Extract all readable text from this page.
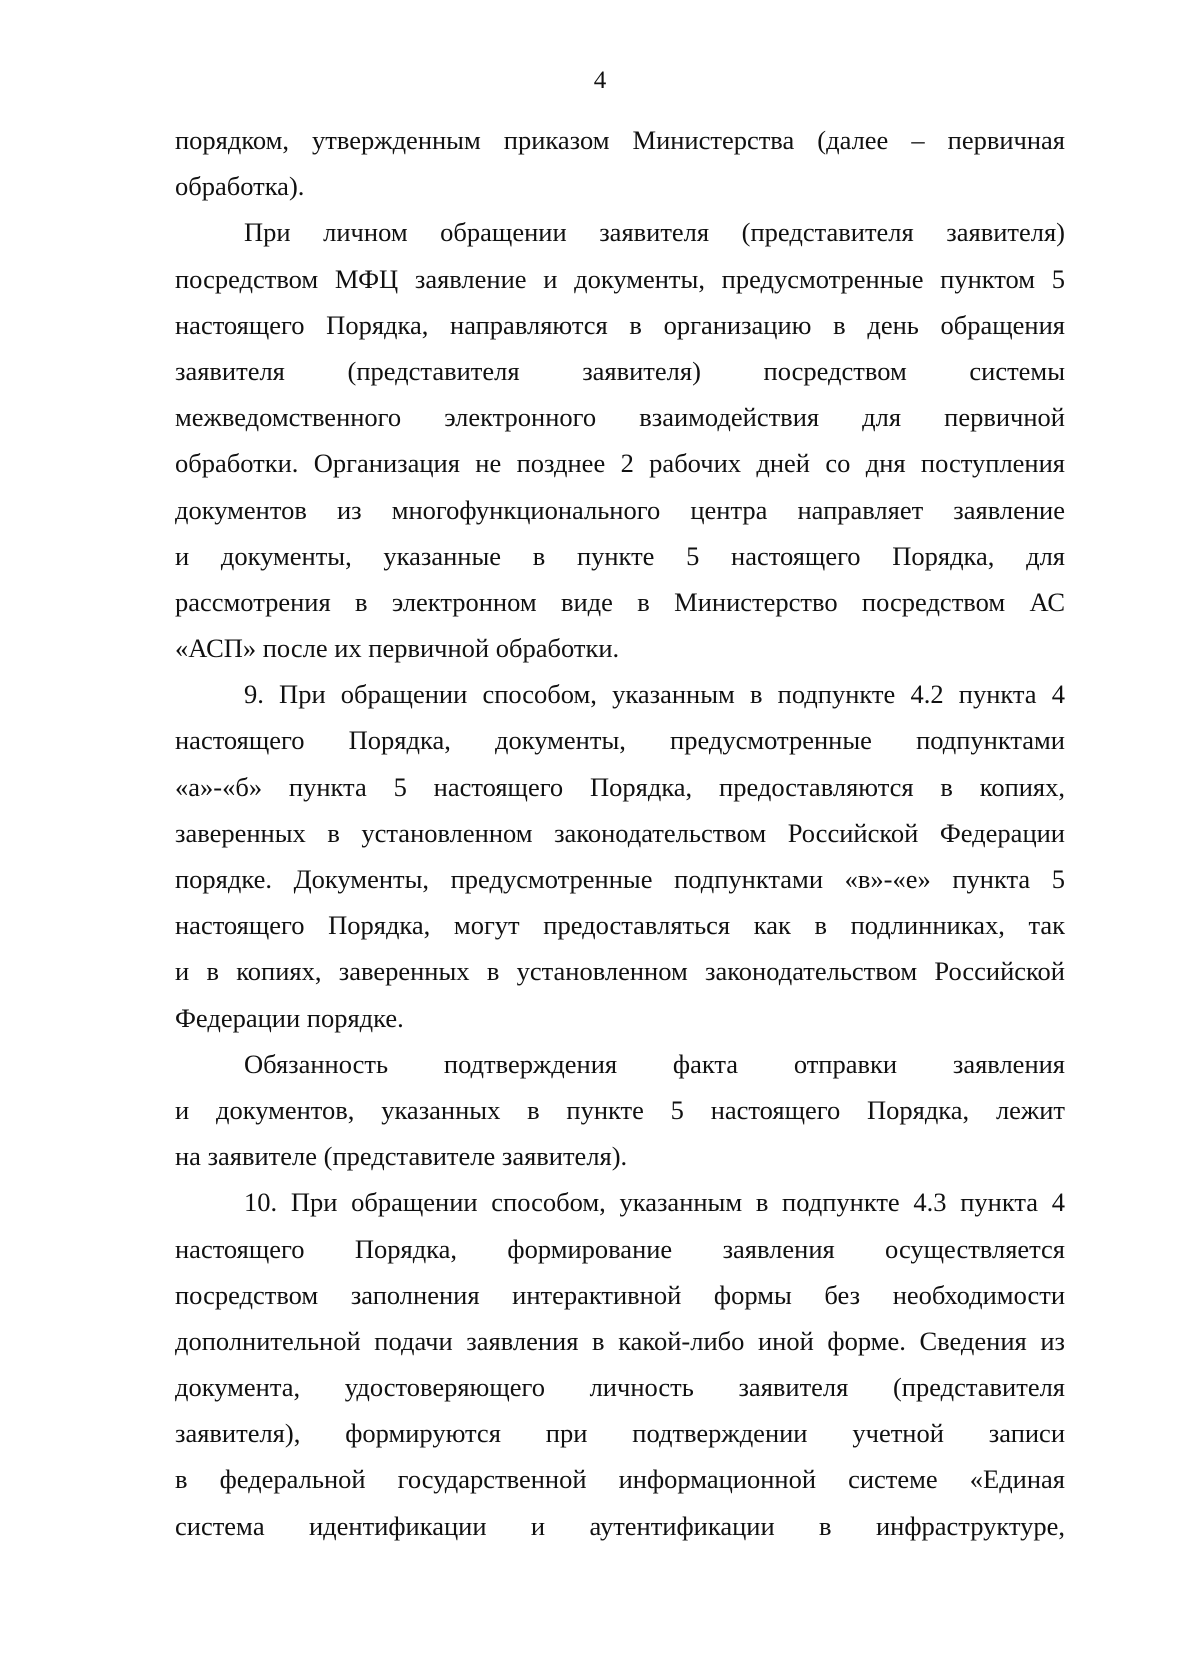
4
порядком, утвержденным приказом Министерства (далее – первичная
обработка).
При личном обращении заявителя (представителя заявителя)
посредством МФЦ заявление и документы, предусмотренные пунктом 5
настоящего Порядка, направляются в организацию в день обращения
заявителя (представителя заявителя) посредством системы
межведомственного электронного взаимодействия для первичной
обработки. Организация не позднее 2 рабочих дней со дня поступления
документов из многофункционального центра направляет заявление
и документы, указанные в пункте 5 настоящего Порядка, для
рассмотрения в электронном виде в Министерство посредством АС
«АСП» после их первичной обработки.
9. При обращении способом, указанным в подпункте 4.2 пункта 4
настоящего Порядка, документы, предусмотренные подпунктами
«а»-«б» пункта 5 настоящего Порядка, предоставляются в копиях,
заверенных в установленном законодательством Российской Федерации
порядке. Документы, предусмотренные подпунктами «в»-«е» пункта 5
настоящего Порядка, могут предоставляться как в подлинниках, так
и в копиях, заверенных в установленном законодательством Российской
Федерации порядке.
Обязанность подтверждения факта отправки заявления
и документов, указанных в пункте 5 настоящего Порядка, лежит
на заявителе (представителе заявителя).
10. При обращении способом, указанным в подпункте 4.3 пункта 4
настоящего Порядка, формирование заявления осуществляется
посредством заполнения интерактивной формы без необходимости
дополнительной подачи заявления в какой-либо иной форме. Сведения из
документа, удостоверяющего личность заявителя (представителя
заявителя), формируются при подтверждении учетной записи
в федеральной государственной информационной системе «Единая
системa идентификации и аутентификации в инфраструктуре,
